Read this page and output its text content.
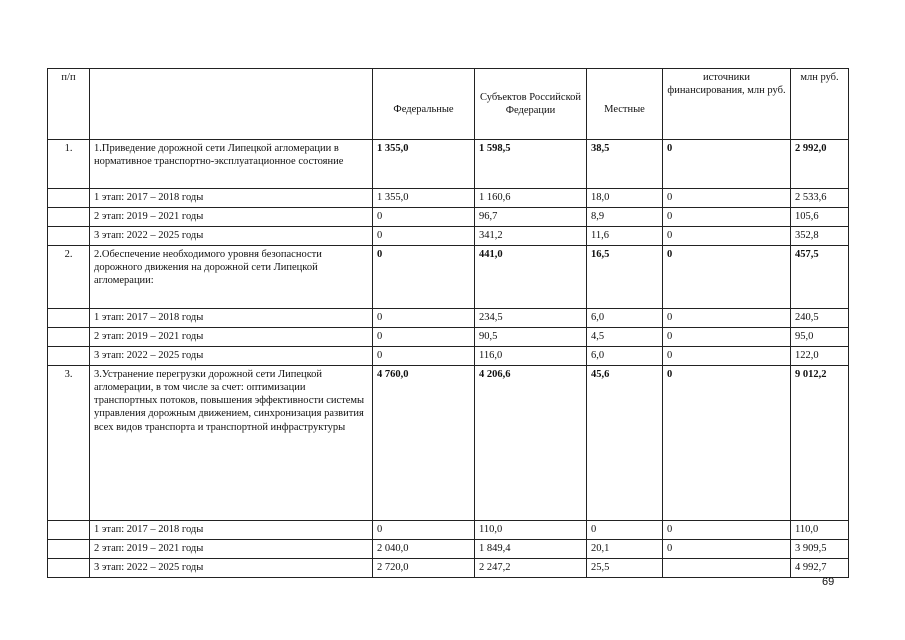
п/п		Федеральные	Субъектов Российской Федерации	Местные	источники финансирования, млн руб.	млн руб.
1.	1.Приведение дорожной сети Липецкой агломерации в нормативное транспортно-эксплуатационное состояние	1 355,0	1 598,5	38,5	0	2 992,0
	1 этап: 2017 – 2018 годы	1 355,0	1 160,6	18,0	0	2 533,6
	2 этап: 2019 – 2021 годы	0	96,7	8,9	0	105,6
	3 этап: 2022 – 2025 годы	0	341,2	11,6	0	352,8
2.	2.Обеспечение необходимого уровня безопасности дорожного движения на дорожной сети Липецкой агломерации:	0	441,0	16,5	0	457,5
	1 этап: 2017 – 2018 годы	0	234,5	6,0	0	240,5
	2 этап: 2019 – 2021 годы	0	90,5	4,5	0	95,0
	3 этап: 2022 – 2025 годы	0	116,0	6,0	0	122,0
3.	3.Устранение перегрузки дорожной сети Липецкой агломерации, в том числе за счет: оптимизации транспортных потоков, повышения эффективности системы управления дорожным движением, синхронизация развития всех видов транспорта и транспортной инфраструктуры	4 760,0	4 206,6	45,6	0	9 012,2
	1 этап: 2017 – 2018 годы	0	110,0	0	0	110,0
	2 этап: 2019 – 2021 годы	2 040,0	1 849,4	20,1	0	3 909,5
	3 этап: 2022 – 2025 годы	2 720,0	2 247,2	25,5		4 992,7
69
